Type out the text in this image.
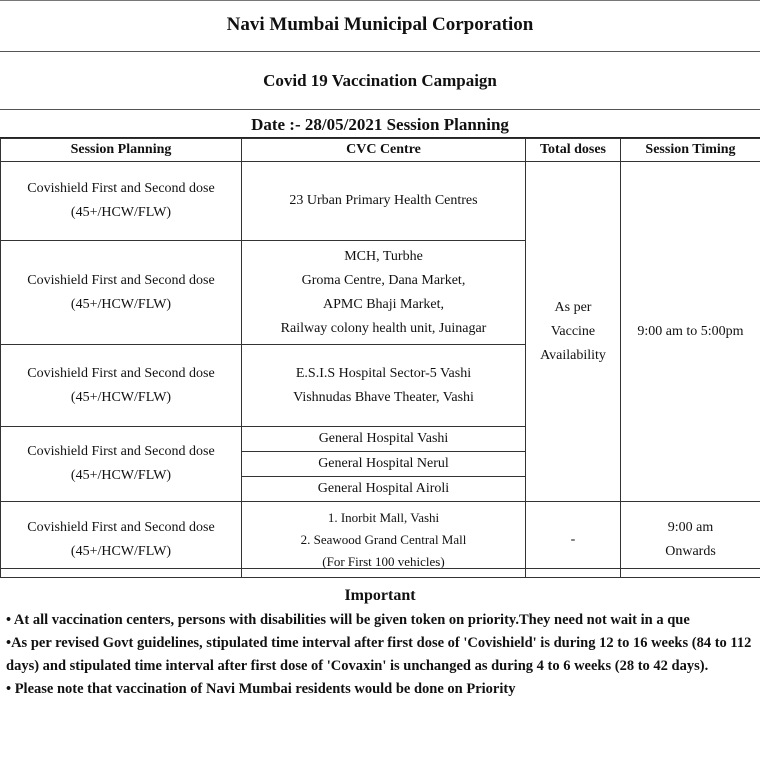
Navi Mumbai Municipal Corporation
Covid 19 Vaccination Campaign
Date :- 28/05/2021 Session Planning
Session Planning	CVC Centre	Total doses	Session Timing

Covishield First and Second dose
(45+/HCW/FLW)	23 Urban Primary Health Centres	As per
Vaccine
Availability	9:00 am to 5:00pm

Covishield First and Second dose
(45+/HCW/FLW)	MCH, Turbhe
Groma Centre, Dana Market,
APMC Bhaji Market,
Railway colony health unit, Juinagar		

Covishield First and Second dose
(45+/HCW/FLW)	E.S.I.S Hospital Sector-5 Vashi
Vishnudas Bhave Theater, Vashi		

Covishield First and Second dose
(45+/HCW/FLW)	General Hospital Vashi		
	General Hospital Nerul		
	General Hospital Airoli		

Covishield First and Second dose
(45+/HCW/FLW)	1. Inorbit Mall, Vashi
2. Seawood Grand Central Mall
(For First 100 vehicles)	-	9:00 am
Onwards
Important

• At all vaccination centers, persons with disabilities will be given token on priority.They need not wait in a que

•As per revised Govt guidelines, stipulated time interval after first dose of 'Covishield' is during 12 to 16 weeks (84 to 112 days) and stipulated time interval after first dose of 'Covaxin' is unchanged as during 4 to 6 weeks (28 to 42 days).

• Please note that vaccination of Navi Mumbai residents would be done on Priority
